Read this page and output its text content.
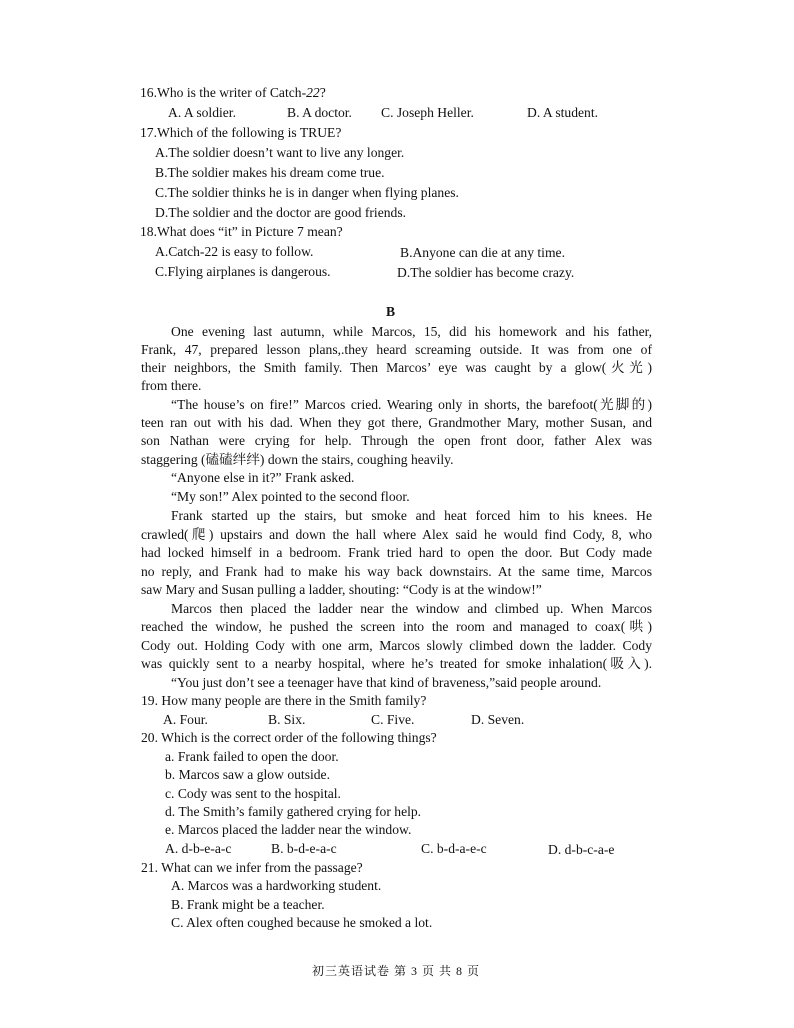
16.Who is the writer of Catch-22?
A. A soldier.	B. A doctor. C. Joseph Heller.	D. A student.
17.Which of the following is TRUE?
A.The soldier doesn’t want to live any longer.
B.The soldier makes his dream come true.
C.The soldier thinks he is in danger when flying planes.
D.The soldier and the doctor are good friends.
18.What does “it” in Picture 7 mean?
A.Catch-22 is easy to follow.	B.Anyone can die at any time.
C.Flying airplanes is dangerous.	D.The soldier has become crazy.
B
One evening last autumn, while Marcos, 15, did his homework and his father,
Frank, 47, prepared lesson plans,.they heard screaming outside. It was from one of
their neighbors, the Smith family. Then Marcos’ eye was caught by a glow(火光)
from there.
“The house’s on fire!” Marcos cried. Wearing only in shorts, the barefoot(光脚的)
teen ran out with his dad. When they got there, Grandmother Mary, mother Susan, and
son Nathan were crying for help. Through the open front door, father Alex was
staggering (磕磕绊绊) down the stairs, coughing heavily.
“Anyone else in it?” Frank asked.
“My son!” Alex pointed to the second floor.
Frank started up the stairs, but smoke and heat forced him to his knees. He
crawled(爬) upstairs and down the hall where Alex said he would find Cody, 8, who
had locked himself in a bedroom. Frank tried hard to open the door. But Cody made
no reply, and Frank had to make his way back downstairs. At the same time, Marcos
saw Mary and Susan pulling a ladder, shouting: “Cody is at the window!”
Marcos then placed the ladder near the window and climbed up. When Marcos
reached the window, he pushed the screen into the room and managed to coax(哄)
Cody out. Holding Cody with one arm, Marcos slowly climbed down the ladder. Cody
was quickly sent to a nearby hospital, where he’s treated for smoke inhalation(吸入).
“You just don’t see a teenager have that kind of braveness,”said people around.
19. How many people are there in the Smith family?
A. Four.	B. Six.	C. Five.	D. Seven.
20. Which is the correct order of the following things?
a. Frank failed to open the door.
b. Marcos saw a glow outside.
c. Cody was sent to the hospital.
d. The Smith’s family gathered crying for help.
e. Marcos placed the ladder near the window.
A. d-b-e-a-c	B. b-d-e-a-c	C. b-d-a-e-c	D. d-b-c-a-e
21. What can we infer from the passage?
A. Marcos was a hardworking student.
B. Frank might be a teacher.
C. Alex often coughed because he smoked a lot.
初三英语试卷 第 3 页 共 8 页
